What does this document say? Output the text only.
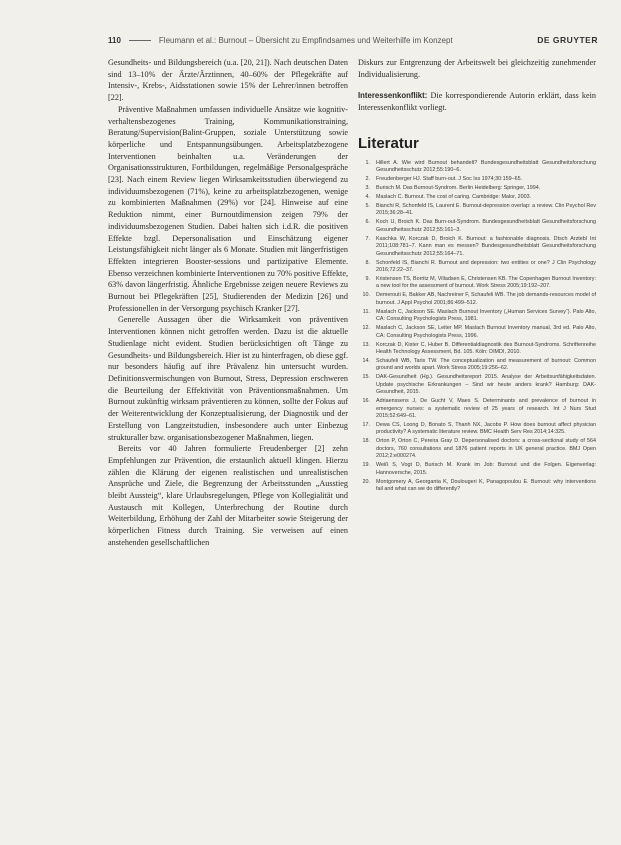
110	Fleumann et al.: Burnout – Übersicht zu Empfindsames und Weiterhilfe im Konzept	DE GRUYTER

Gesundheits- und Bildungsbereich (u.a. [20, 21]). Nach deutschen Daten sind 13–10% der Ärzte/Ärztinnen, 40–60% der Pflegekräfte auf Intensiv-, Krebs-, Aidsstationen sowie 15% der Lehrer/innen betroffen [22].

Präventive Maßnahmen umfassen individuelle Ansätze wie kognitiv-verhaltensbezogenes Training, Kommunikationstraining, Beratung/Supervision(Balint-Gruppen, soziale Unterstützung sowie körperliche und Entspannungsübungen. Arbeitsplatzbezogene Interventionen beinhalten u.a. Veränderungen der Organisationsstrukturen, Fortbildungen, regelmäßige Personalgespräche [23]. Nach einem Review liegen Wirksamkeitsstudien überwiegend zu individuumsbezogenen (71%), keine zu arbeitsplatzbezogenen, wenige zu kombinierten Maßnahmen (29%) vor [24]. Hinweise auf eine Reduktion nimmt, einer Burnoutdimension zeigen 79% der individuumsbezogenen Studien. Dabei halten sich i.d.R. die positiven Effekte bzgl. Depersonalisation und Einschätzung eigener Leistungsfähigkeit nicht länger als 6 Monate. Studien mit längerfristigen Effekten integrieren Booster-sessions und partizipative Elemente. Ebenso verzeichnen kombinierte Interventionen zu 70% positive Effekte, 63% davon längerfristig. Ähnliche Ergebnisse zeigen neuere Reviews zu Burnout bei Pflegekräften [25], Studierenden der Medizin [26] und Professionellen in der Versorgung psychisch Kranker [27].

Generelle Aussagen über die Wirksamkeit von präventiven Interventionen können nicht getroffen werden. Dazu ist die aktuelle Studienlage nicht evident. Studien berücksichtigen oft Tänge zu Gesundheits- und Bildungsbereich. Hier ist zu hinterfragen, ob diese ggf. nur besonders häufig auf ihre Prävalenz hin untersucht wurden. Definitionsvermischungen von Burnout, Stress, Depression erschweren die Beurteilung der Effektivität von Präventionsmaßnahmen. Um Burnout zukünftig wirksam präventieren zu können, sollte der Fokus auf der Weiterentwicklung der Konzeptualisierung, der Diagnostik und der Erstellung von Langzeitstudien, insbesondere auch unter Einbezug strukturaller bzw. organisationsbezogener Maßnahmen, liegen.

Bereits vor 40 Jahren formulierte Freudenberger [2] zehn Empfehlungen zur Prävention, die erstaunlich aktuell klingen. Hierzu zählen die Klärung der eigenen realistischen und unrealistischen Ansprüche und Ziele, die Begrenzung der Arbeitsstunden „Ausstieg bleibt Aussteig“, klare Urlaubsregelungen, Pflege von Kollegialität und Austausch mit Kollegen, Unterbrechung der Routine durch Weiterbildung, Erhöhung der Zahl der Mitarbeiter sowie Steigerung der körperlichen Fitness durch Training. Sie verweisen auf einen anstehenden gesellschaftlichen

Diskurs zur Entgrenzung der Arbeitswelt bei gleichzeitig zunehmender Individualisierung.

Interessenkonflikt: Die korrespondierende Autorin erklärt, dass kein Interessenkonflikt vorliegt.

Literatur
1. Hillert A. Wie wird Burnout behandelt? Bundesgesundheitsblatt Gesundheitsforschung Gesundheitsschutz 2012;55:190–6.
2. Freudenberger HJ. Staff burn-out. J Soc Iss 1974;30:159–65.
3. Burisch M. Das Burnout-Syndrom. Berlin Heidelberg: Springer, 1994.
4. Maslach C. Burnout. The cost of caring. Cambridge: Malor, 2003.
5. Bianchi R, Schonfeld IS, Laurent E. Burnout-depression overlap: a review. Clin Psychol Rev 2015;36:28–41.
6. Koch U, Broich K. Das Burn-out-Syndrom. Bundesgesundheitsblatt Gesundheitsforschung Gesundheitsschutz 2012;55:161–3.
7. Kaschka W, Korczak D, Broich K. Burnout: a fashionable diagnosis. Dtsch Arztebl Int 2011;108:781–7. Kann man es messen? Bundesgesundheitsblatt Gesundheitsforschung Gesundheitsschutz 2012;55:164–71.
8. Schonfeld IS, Bianchi R. Burnout and depression: two entities or one? J Clin Psychology 2016;72:22–37.
9. Kristensen TS, Borritz M, Villadsen E, Christensen KB. The Copenhagen Burnout Inventory: a new tool for the assessment of burnout. Work Stress 2005;19:192–207.
10. Demerouti E, Bakker AB, Nachreiner F, Schaufeli WB. The job demands-resources model of burnout. J Appl Psychol 2001;86:499–512.
11. Maslach C, Jackson SE. Maslach Burnout Inventory („Human Services Survey“). Palo Alto, CA: Consulting Psychologists Press, 1981.
12. Maslach C, Jackson SE, Leiter MP. Maslach Burnout Inventory manual, 3rd ed. Palo Alto, CA: Consulting Psychologists Press, 1996.
13. Korczak D, Kister C, Huber B. Differentialdiagnostik des Burnout-Syndroms. Schriftenreihe Health Technology Assessment, Bd. 105. Köln: DIMDI, 2010.
14. Schaufeli WB, Taris TW. The conceptualization and measurement of burnout: Common ground and worlds apart. Work Stress 2005;19:256–62.
15. DAK-Gesundheit (Hg.). Gesundheitsreport 2015. Analyse der Arbeitsunfähigkeitsdaten. Update psychische Erkrankungen – Sind wir heute anders krank? Hamburg: DAK-Gesundheit, 2015.
16. Adriaenssens J, De Gucht V, Maes S. Determinants and prevalence of burnout in emergency nurses: a systematic review of 25 years of research. Int J Nurs Stud 2015;52:649–61.
17. Dewa CS, Loong D, Bonato S, Thanh NX, Jacobs P. How does burnout affect physician productivity? A systematic literature review. BMC Health Serv Res 2014;14:325.
18. Orton P, Orton C, Pereira Gray D. Depersonalised doctors: a cross-sectional study of 564 doctors, 760 consultations and 1876 patient reports in UK general practice. BMJ Open 2012;2:e000274.
19. Weiß S, Vogt D, Burisch M. Krank im Job: Burnout und die Folgen. Eigenverlag: Hannoversche, 2015.
20. Montgomery A, Georganta K, Doulougeri K, Panagopoulou E. Burnout: why interventions fail and what can we do differently?
